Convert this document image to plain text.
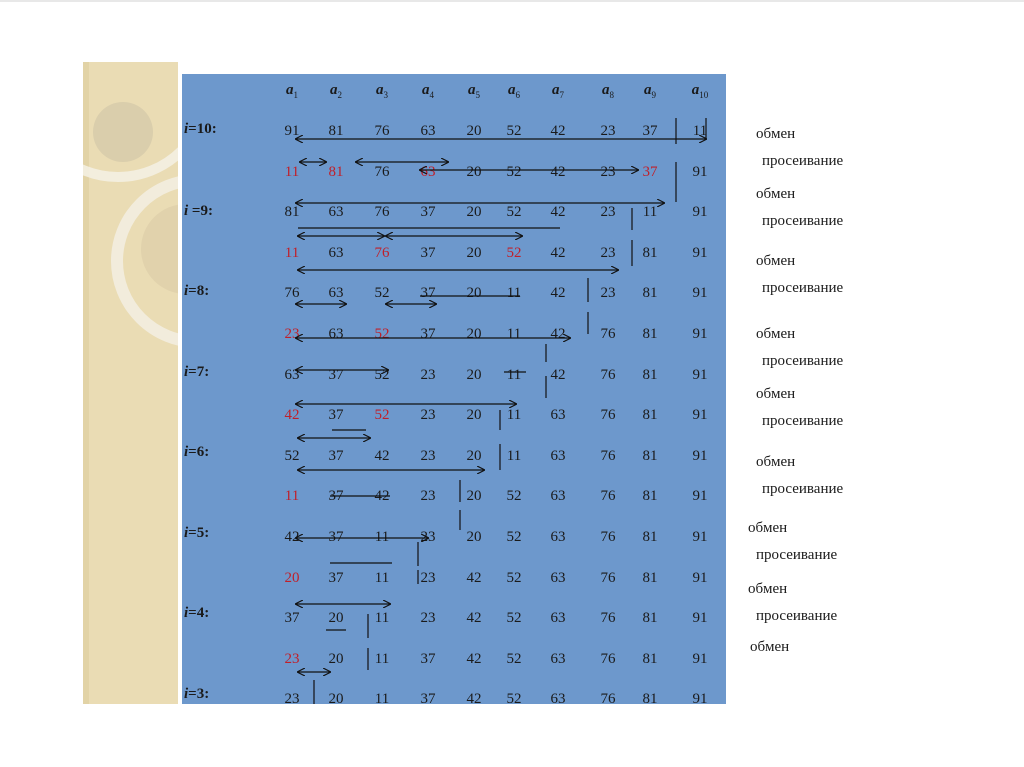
$a_1$	$a_2$	$a_3$	$a_4$	$a_5$	$a_6$	$a_7$	$a_8$	$a_9$	$a_{10}$
91	81	76	63	20	52	42	23	37	11
11	81	76	63	20	52	42	23	37	91
81	63	76	37	20	52	42	23	11	91
11	63	76	37	20	52	42	23	81	91
76	63	52	37	20	11	42	23	81	91
23	63	52	37	20	11	42	76	81	91
63	37	52	23	20	11	42	76	81	91
42	37	52	23	20	11	63	76	81	91
52	37	42	23	20	11	63	76	81	91
11	37	42	23	20	52	63	76	81	91
42	37	11	23	20	52	63	76	81	91
20	37	11	23	42	52	63	76	81	91
37	20	11	23	42	52	63	76	81	91
23	20	11	37	42	52	63	76	81	91
23	20	11	37	42	52	63	76	81	91
i=10:
i =9:
i=8:
i=7:
i=6:
i=5:
i=4:
i=3:
обмен
просеивание
обмен
просеивание
обмен
просеивание
обмен
просеивание
обмен
просеивание
обмен
просеивание
обмен
просеивание
обмен
просеивание
обмен
